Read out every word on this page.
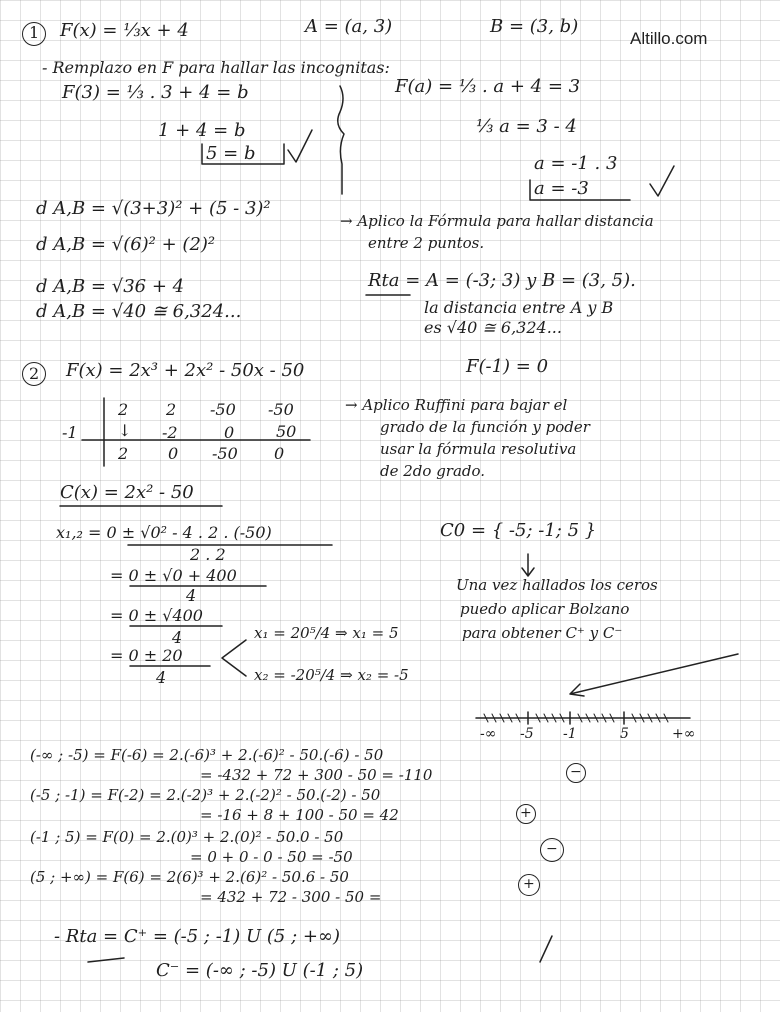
Altillo.com
1 F(x) = ⅓x + 4	A = (a, 3)	B = (3, b)
- Remplazo en F para hallar las incognitas:
F(3) = ⅓ . 3 + 4 = b
1 + 4 = b
5 = b
F(a) = ⅓ . a + 4 = 3
⅓ a = 3 - 4
a = -1 . 3
a = -3
d A,B = √(3+3)² + (5 - 3)²
d A,B = √(6)² + (2)²
d A,B = √36 + 4
d A,B = √40 ≅ 6,324...
→ Aplico la Fórmula para hallar distancia
entre 2 puntos.
Rta = A = (-3; 3) y B = (3, 5).
la distancia entre A y B
es √40 ≅ 6,324...
2 F(x) = 2x³ + 2x² - 50x - 50	F(-1) = 0
2 2 -50 -50
-1	↓ -2	0	50
2 0 -50 0
→ Aplico Ruffini para bajar el
grado de la función y poder
usar la fórmula resolutiva
de 2do grado.
C(x) = 2x² - 50
x₁,₂ = 0 ± √0² - 4 . 2 . (-50)
2 . 2
= 0 ± √0 + 400
4
= 0 ± √400
4
= 0 ± 20
4
x₁ = 20⁵/4 ⇒ x₁ = 5
x₂ = -20⁵/4 ⇒ x₂ = -5
C0 = { -5; -1; 5 }
Una vez hallados los ceros
puedo aplicar Bolzano
para obtener C⁺ y C⁻
-∞ -5 -1	5	+∞
(-∞ ; -5) = F(-6) = 2.(-6)³ + 2.(-6)² - 50.(-6) - 50
= -432 + 72 + 300 - 50 = -110	−
(-5 ; -1) = F(-2) = 2.(-2)³ + 2.(-2)² - 50.(-2) - 50
= -16 + 8 + 100 - 50 = 42	+
(-1 ; 5) = F(0) = 2.(0)³ + 2.(0)² - 50.0 - 50
= 0 + 0 - 0 - 50 = -50	−
(5 ; +∞) = F(6) = 2(6)³ + 2.(6)² - 50.6 - 50
= 432 + 72 - 300 - 50 =
+
- Rta = C⁺ = (-5 ; -1) U (5 ; +∞)
C⁻ = (-∞ ; -5) U (-1 ; 5)
